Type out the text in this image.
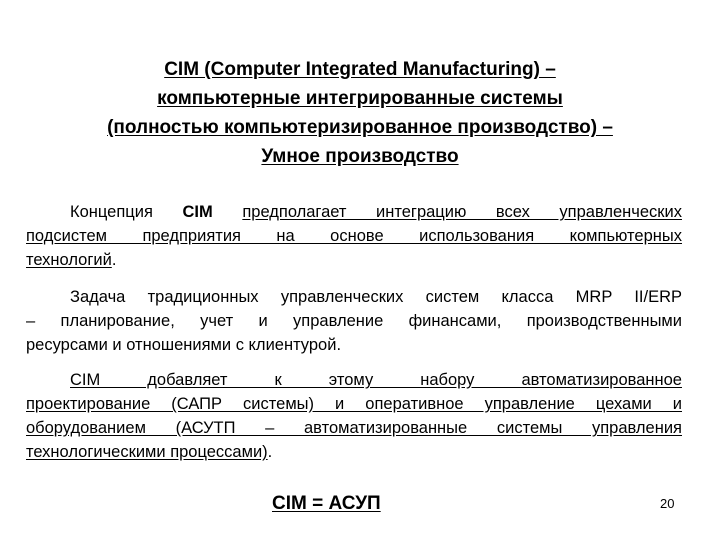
CIM (Computer Integrated Manufacturing) –
компьютерные интегрированные системы
(полностью компьютеризированное производство) –
Умное производство
Концепция CIM предполагает интеграцию всех управленческих
подсистем предприятия на основе использования компьютерных
технологий.
Задача традиционных управленческих систем класса MRP II/ERP
– планирование, учет и управление финансами, производственными
ресурсами и отношениями с клиентурой.
CIM добавляет к этому набору автоматизированное
проектирование (САПР системы) и оперативное управление цехами и
оборудованием (АСУТП – автоматизированные системы управления
технологическими процессами).
CIM = АСУП	20
